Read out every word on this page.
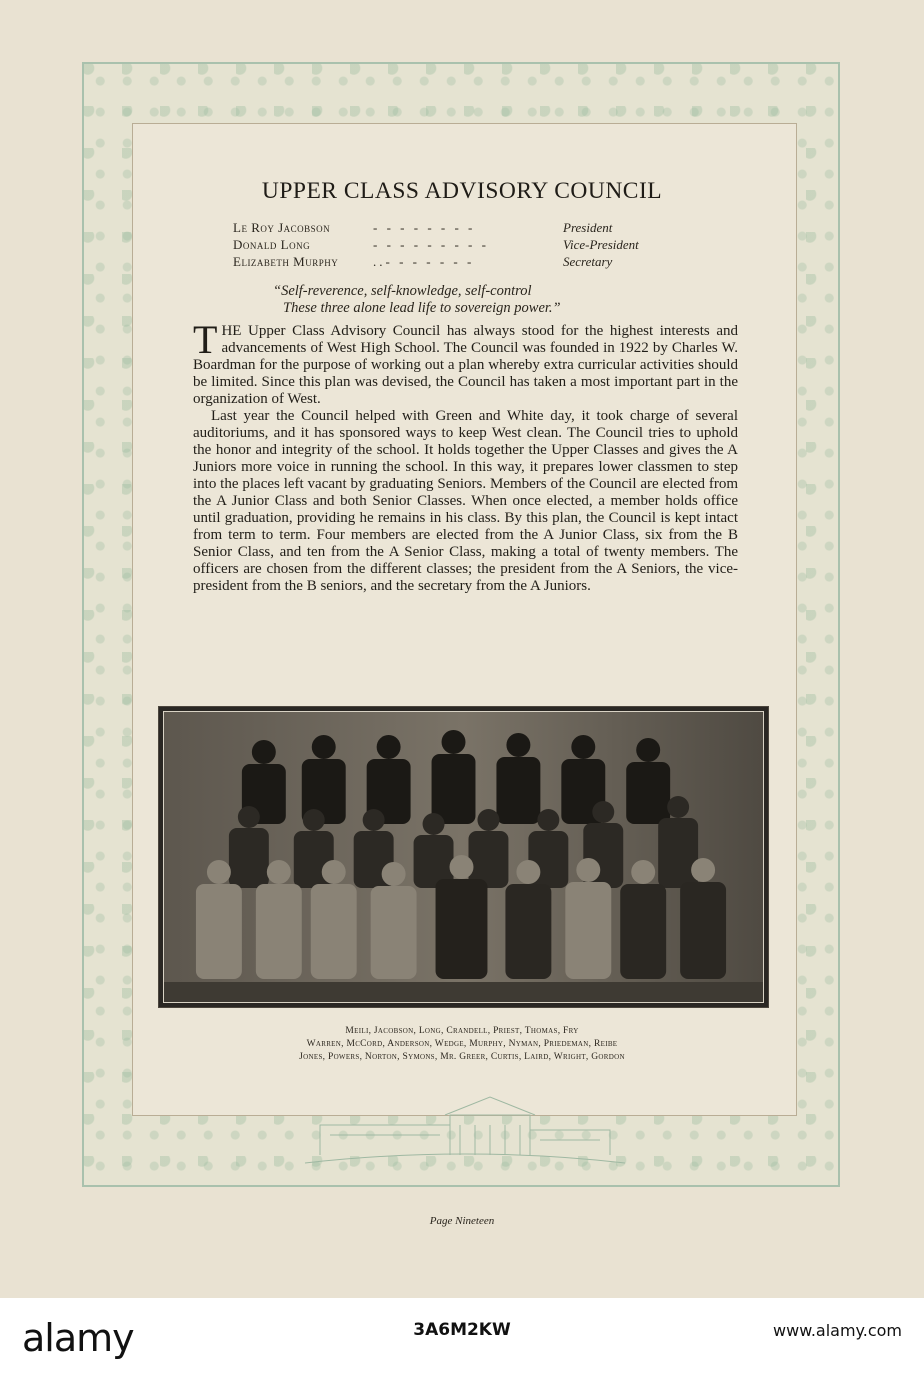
UPPER CLASS ADVISORY COUNCIL
Le Roy Jacobson	- - - - - - - -	President
Donald Long	- - - - - - - - -	Vice-President
Elizabeth Murphy	..- - - - - - -	Secretary
“Self-reverence, self-knowledge, self-control
These three alone lead life to sovereign power.”

THE Upper Class Advisory Council has always stood for the highest interests and advancements of West High School. The Council was founded in 1922 by Charles W. Boardman for the purpose of working out a plan whereby extra curricular activities should be limited. Since this plan was devised, the Council has taken a most important part in the organization of West.

Last year the Council helped with Green and White day, it took charge of several auditoriums, and it has sponsored ways to keep West clean. The Council tries to uphold the honor and integrity of the school. It holds together the Upper Classes and gives the A Juniors more voice in running the school. In this way, it prepares lower classmen to step into the places left vacant by graduating Seniors. Members of the Council are elected from the A Junior Class and both Senior Classes. When once elected, a member holds office until graduation, providing he remains in his class. By this plan, the Council is kept intact from term to term. Four members are elected from the A Junior Class, six from the B Senior Class, and ten from the A Senior Class, making a total of twenty members. The officers are chosen from the different classes; the president from the A Seniors, the vice-president from the B seniors, and the secretary from the A Juniors.

Meili, Jacobson, Long, Crandell, Priest, Thomas, Fry
Warren, McCord, Anderson, Wedge, Murphy, Nyman, Priedeman, Reibe
Jones, Powers, Norton, Symons, Mr. Greer, Curtis, Laird, Wright, Gordon
Page Nineteen
alamy	3A6M2KW	www.alamy.com
